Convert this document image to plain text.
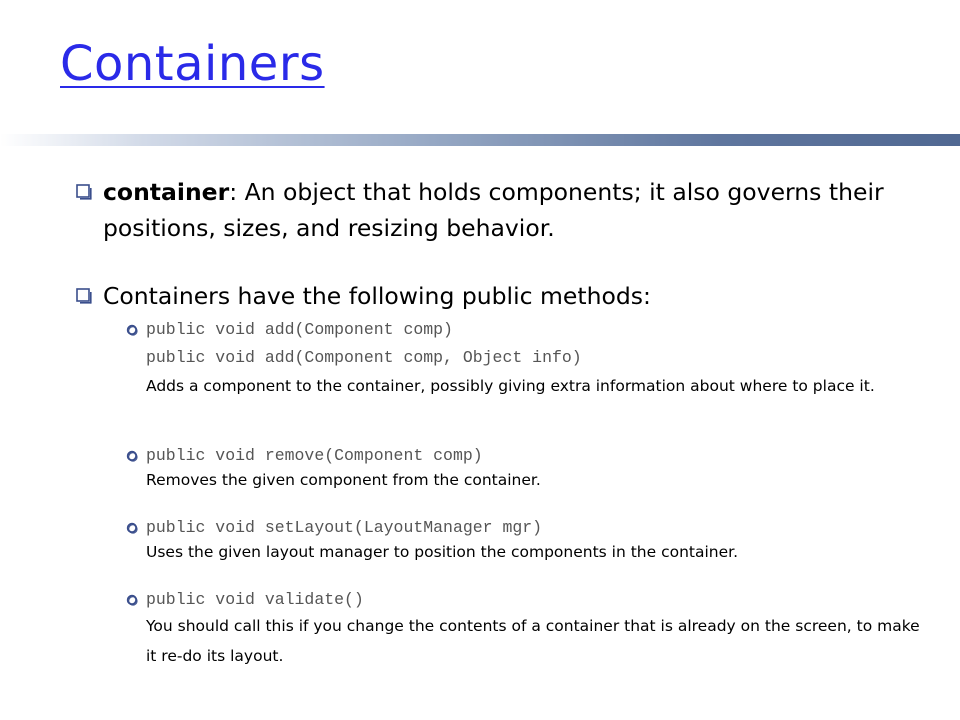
Containers
container: An object that holds components; it also governs their positions, sizes, and resizing behavior.
Containers have the following public methods:
public void add(Component comp)
public void add(Component comp, Object info)
Adds a component to the container, possibly giving extra information about where to place it.
public void remove(Component comp)
Removes the given component from the container.
public void setLayout(LayoutManager mgr)
Uses the given layout manager to position the components in the container.
public void validate()
You should call this if you change the contents of a container that is already on the screen, to make it re-do its layout.
